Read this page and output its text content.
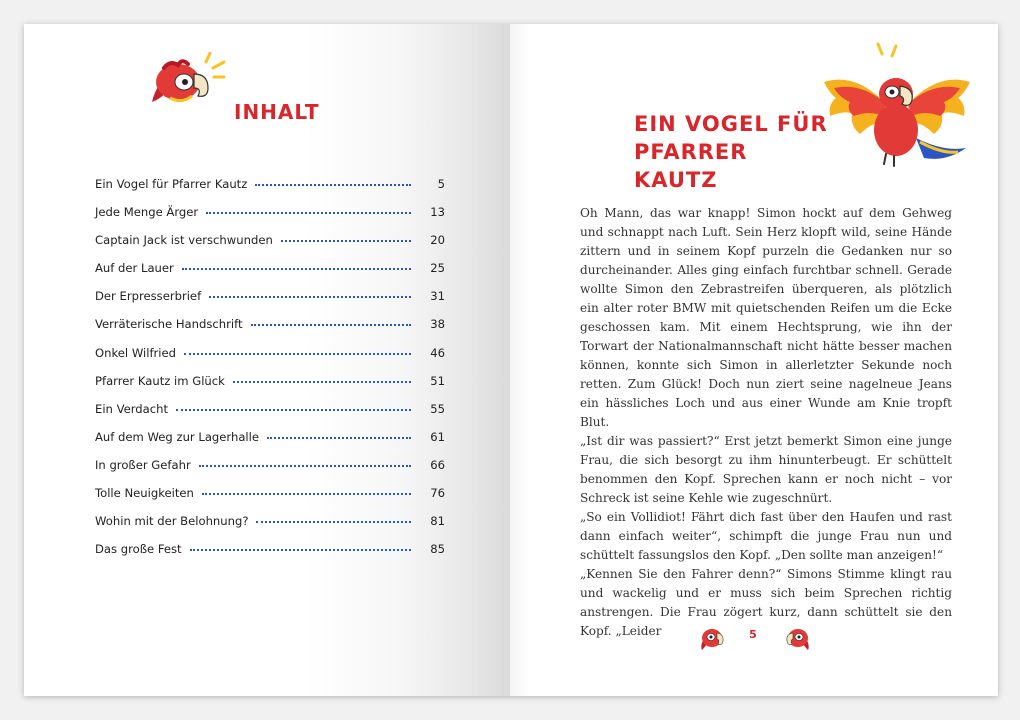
INHALT
Ein Vogel für Pfarrer Kautz	5
Jede Menge Ärger	13
Captain Jack ist verschwunden	20
Auf der Lauer	25
Der Erpresserbrief	31
Verräterische Handschrift	38
Onkel Wilfried	46
Pfarrer Kautz im Glück	51
Ein Verdacht	55
Auf dem Weg zur Lagerhalle	61
In großer Gefahr	66
Tolle Neuigkeiten	76
Wohin mit der Belohnung?	81
Das große Fest	85
EIN VOGEL FÜR
PFARRER KAUTZ

Oh Mann, das war knapp! Simon hockt auf dem Gehweg und schnappt nach Luft. Sein Herz klopft wild, seine Hände zittern und in seinem Kopf purzeln die Gedanken nur so durcheinander. Alles ging einfach furchtbar schnell. Gerade wollte Simon den Zebrastreifen überqueren, als plötzlich ein alter roter BMW mit quietschenden Reifen um die Ecke geschossen kam. Mit einem Hechtsprung, wie ihn der Torwart der Nationalmannschaft nicht hätte besser machen können, konnte sich Simon in allerletzter Sekunde noch retten. Zum Glück! Doch nun ziert seine nagelneue Jeans ein hässliches Loch und aus einer Wunde am Knie tropft Blut.

„Ist dir was passiert?“ Erst jetzt bemerkt Simon eine junge Frau, die sich besorgt zu ihm hinunterbeugt. Er schüttelt benommen den Kopf. Sprechen kann er noch nicht – vor Schreck ist seine Kehle wie zugeschnürt.

„So ein Vollidiot! Fährt dich fast über den Haufen und rast dann einfach weiter“, schimpft die junge Frau nun und schüttelt fassungslos den Kopf. „Den sollte man anzeigen!“

„Kennen Sie den Fahrer denn?“ Simons Stimme klingt rau und wackelig und er muss sich beim Sprechen richtig anstrengen. Die Frau zögert kurz, dann schüttelt sie den Kopf. „Leider	5
